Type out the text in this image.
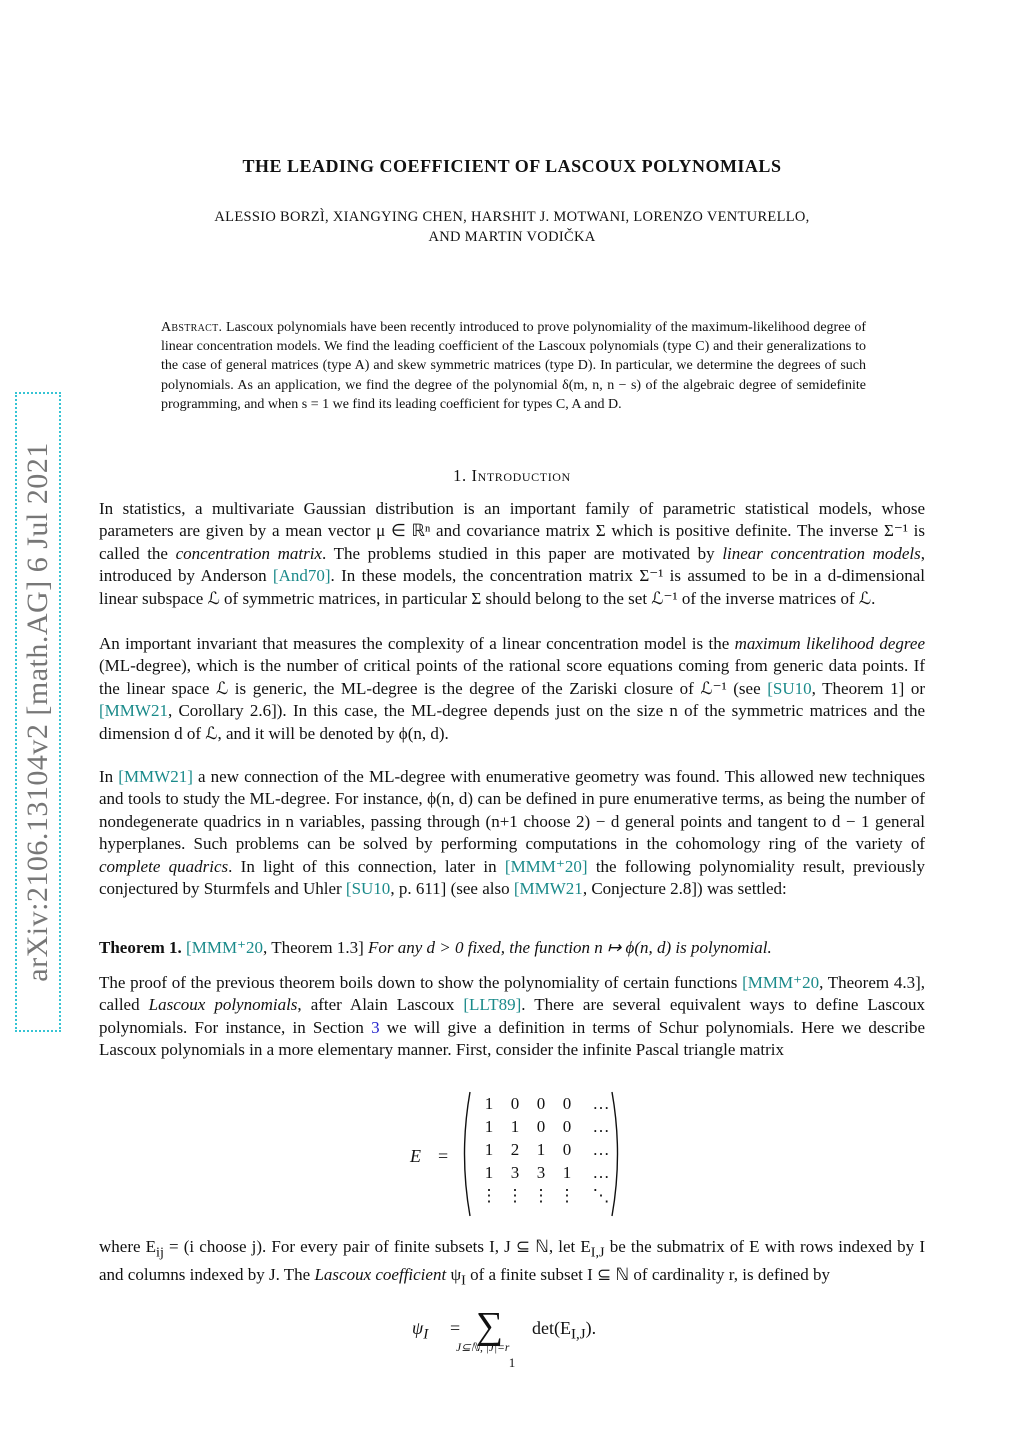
arXiv:2106.13104v2 [math.AG] 6 Jul 2021
THE LEADING COEFFICIENT OF LASCOUX POLYNOMIALS
ALESSIO BORZÌ, XIANGYING CHEN, HARSHIT J. MOTWANI, LORENZO VENTURELLO,
AND MARTIN VODIČKA
Abstract. Lascoux polynomials have been recently introduced to prove polynomiality of the maximum-likelihood degree of linear concentration models. We find the leading coefficient of the Lascoux polynomials (type C) and their generalizations to the case of general matrices (type A) and skew symmetric matrices (type D). In particular, we determine the degrees of such polynomials. As an application, we find the degree of the polynomial δ(m, n, n − s) of the algebraic degree of semidefinite programming, and when s = 1 we find its leading coefficient for types C, A and D.
1. Introduction

In statistics, a multivariate Gaussian distribution is an important family of parametric statistical models, whose parameters are given by a mean vector μ ∈ ℝⁿ and covariance matrix Σ which is positive definite. The inverse Σ⁻¹ is called the concentration matrix. The problems studied in this paper are motivated by linear concentration models, introduced by Anderson [And70]. In these models, the concentration matrix Σ⁻¹ is assumed to be in a d-dimensional linear subspace ℒ of symmetric matrices, in particular Σ should belong to the set ℒ⁻¹ of the inverse matrices of ℒ.

An important invariant that measures the complexity of a linear concentration model is the maximum likelihood degree (ML-degree), which is the number of critical points of the rational score equations coming from generic data points. If the linear space ℒ is generic, the ML-degree is the degree of the Zariski closure of ℒ⁻¹ (see [SU10, Theorem 1] or [MMW21, Corollary 2.6]). In this case, the ML-degree depends just on the size n of the symmetric matrices and the dimension d of ℒ, and it will be denoted by ϕ(n, d).

In [MMW21] a new connection of the ML-degree with enumerative geometry was found. This allowed new techniques and tools to study the ML-degree. For instance, ϕ(n, d) can be defined in pure enumerative terms, as being the number of nondegenerate quadrics in n variables, passing through (n+1 choose 2) − d general points and tangent to d − 1 general hyperplanes. Such problems can be solved by performing computations in the cohomology ring of the variety of complete quadrics. In light of this connection, later in [MMM⁺20] the following polynomiality result, previously conjectured by Sturmfels and Uhler [SU10, p. 611] (see also [MMW21, Conjecture 2.8]) was settled:

Theorem 1. [MMM⁺20, Theorem 1.3] For any d > 0 fixed, the function n ↦ ϕ(n, d) is polynomial.

The proof of the previous theorem boils down to show the polynomiality of certain functions [MMM⁺20, Theorem 4.3], called Lascoux polynomials, after Alain Lascoux [LLT89]. There are several equivalent ways to define Lascoux polynomials. For instance, in Section 3 we will give a definition in terms of Schur polynomials. Here we describe Lascoux polynomials in a more elementary manner. First, consider the infinite Pascal triangle matrix

E =
1	0	0	0	…
1	1	0	0	…
1	2	1	0	…
1	3	3	1	…
⋮ ⋮ ⋮ ⋮	⋱

where $E_{ij} = (i$ choose j). For every pair of finite subsets I, J ⊆ ℕ, let $E_{I,J}$ be the submatrix of E with rows indexed by I and columns indexed by J. The Lascoux coefficient $\psi_I$ of a finite subset I ⊆ ℕ of cardinality r, is defined by

$\psi_I$ = ∑
J⊆ℕ, |J|=r
$\det(E_{I,J})$.
1
